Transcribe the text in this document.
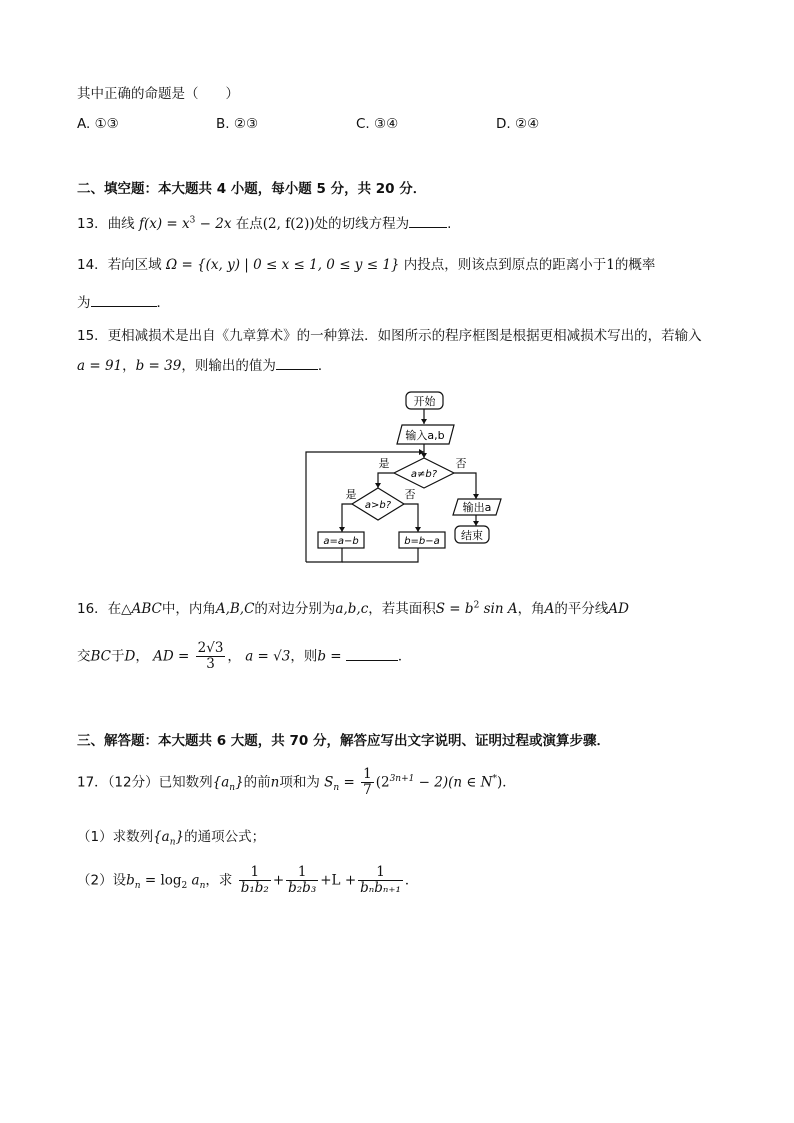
其中正确的命题是（　　）
A. ①③	B. ②③	C. ③④	D. ②④
二、填空题：本大题共 4 小题，每小题 5 分，共 20 分．
13．曲线 $f(x) = x^3 - 2x$ 在点(2, f(2))处的切线方程为	.
14．若向区域 Ω = {(x, y) | 0 ≤ x ≤ 1, 0 ≤ y ≤ 1} 内投点，则该点到原点的距离小于1的概率
为	．
15．更相减损术是出自《九章算术》的一种算法．如图所示的程序框图是根据更相减损术写出的，若输入
a = 91，b = 39，则输出的值为	．
开始
输入a,b
a≠b?
是	否
a>b?
是	否
a=a−b	b=b−a
输出a
结束
16．在△ABC中，内角A,B,C的对边分别为a,b,c，若其面积$S = b^2$ sin A，角A的平分线AD
交BC于D， AD = $\frac{2√3}{3}$ ， a = √3，则b =	．
三、解答题：本大题共 6 大题，共 70 分，解答应写出文字说明、证明过程或演算步骤．
17．（12分）已知数列$\{a_n\}$的前n项和为 $S_n = \frac{1}{7} (2^{3n+1} - 2)(n$ ∈ N*)．
（1）求数列$\{a_n\}$的通项公式；
（2）设$b_n = \log_2 a_n$，求 $\frac{1}{\text{b₁b₂}} + \frac{1}{\text{b₂b₃}} +L + \frac{1}{\text{bₙbₙ₊₁}}$ ．
